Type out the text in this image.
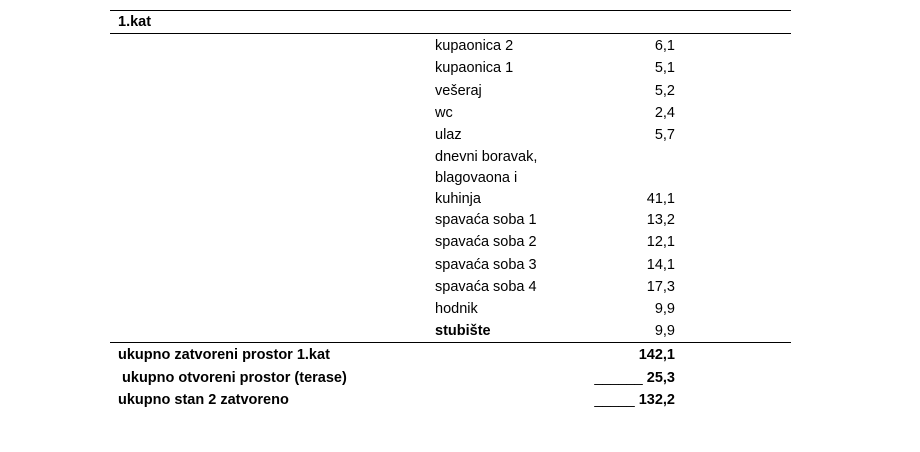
1.kat
kupaonica 2	6,1
kupaonica 1	5,1
vešeraj	5,2
wc	2,4
ulaz	5,7
dnevni boravak,
blagovaona i
kuhinja	41,1
spavaća soba 1	13,2
spavaća soba 2	12,1
spavaća soba 3	14,1
spavaća soba 4	17,3
hodnik	9,9
stubište	9,9
ukupno zatvoreni prostor 1.kat	142,1
ukupno otvoreni prostor (terase)	______ 25,3
ukupno stan 2 zatvoreno	_____ 132,2
